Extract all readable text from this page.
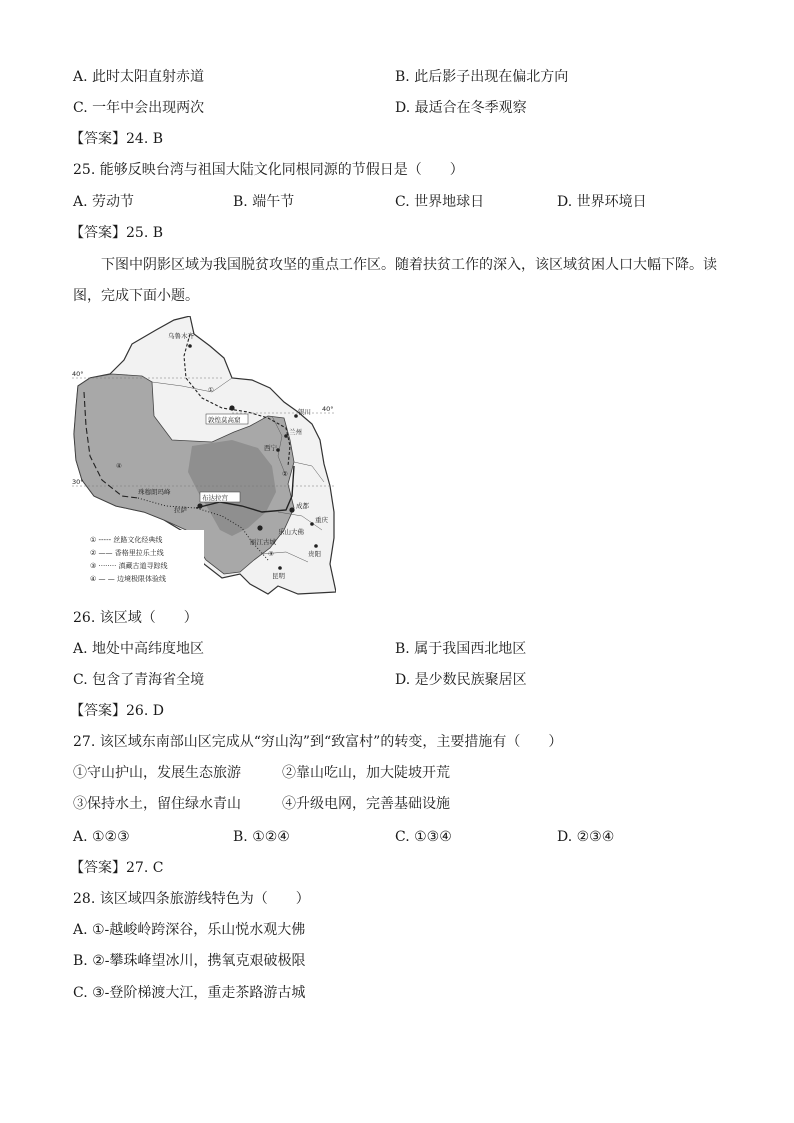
A. 此时太阳直射赤道	B. 此后影子出现在偏北方向
C. 一年中会出现两次	D. 最适合在冬季观察
【答案】24. B
25. 能够反映台湾与祖国大陆文化同根同源的节假日是（　　）
A. 劳动节	B. 端午节	C. 世界地球日	D. 世界环境日
【答案】25. B
下图中阴影区域为我国脱贫攻坚的重点工作区。随着扶贫工作的深入，该区域贫困人口大幅下降。读
图，完成下面小题。
乌鲁木齐
敦煌莫高窟
银川
兰州
西宁
布达拉宫
拉萨	成都
重庆
贵阳
昆明
丽江古城
乐山大佛
珠穆朗玛峰
40°
40°
30°
①
②
③
④
① ----- 丝路文化经典线
② —— 香格里拉乐土线
③ ········ 滇藏古道寻踪线
④ — — 边境极限体验线
26. 该区域（　　）
A. 地处中高纬度地区	B. 属于我国西北地区
C. 包含了青海省全境	D. 是少数民族聚居区
【答案】26. D
27. 该区域东南部山区完成从“穷山沟”到“致富村”的转变，主要措施有（　　）
①守山护山，发展生态旅游	②靠山吃山，加大陡坡开荒
③保持水土，留住绿水青山	④升级电网，完善基础设施
A. ①②③	B. ①②④	C. ①③④	D. ②③④
【答案】27. C
28. 该区域四条旅游线特色为（　　）
A. ①-越峻岭跨深谷，乐山悦水观大佛
B. ②-攀珠峰望冰川，携氧克艰破极限
C. ③-登阶梯渡大江，重走茶路游古城
